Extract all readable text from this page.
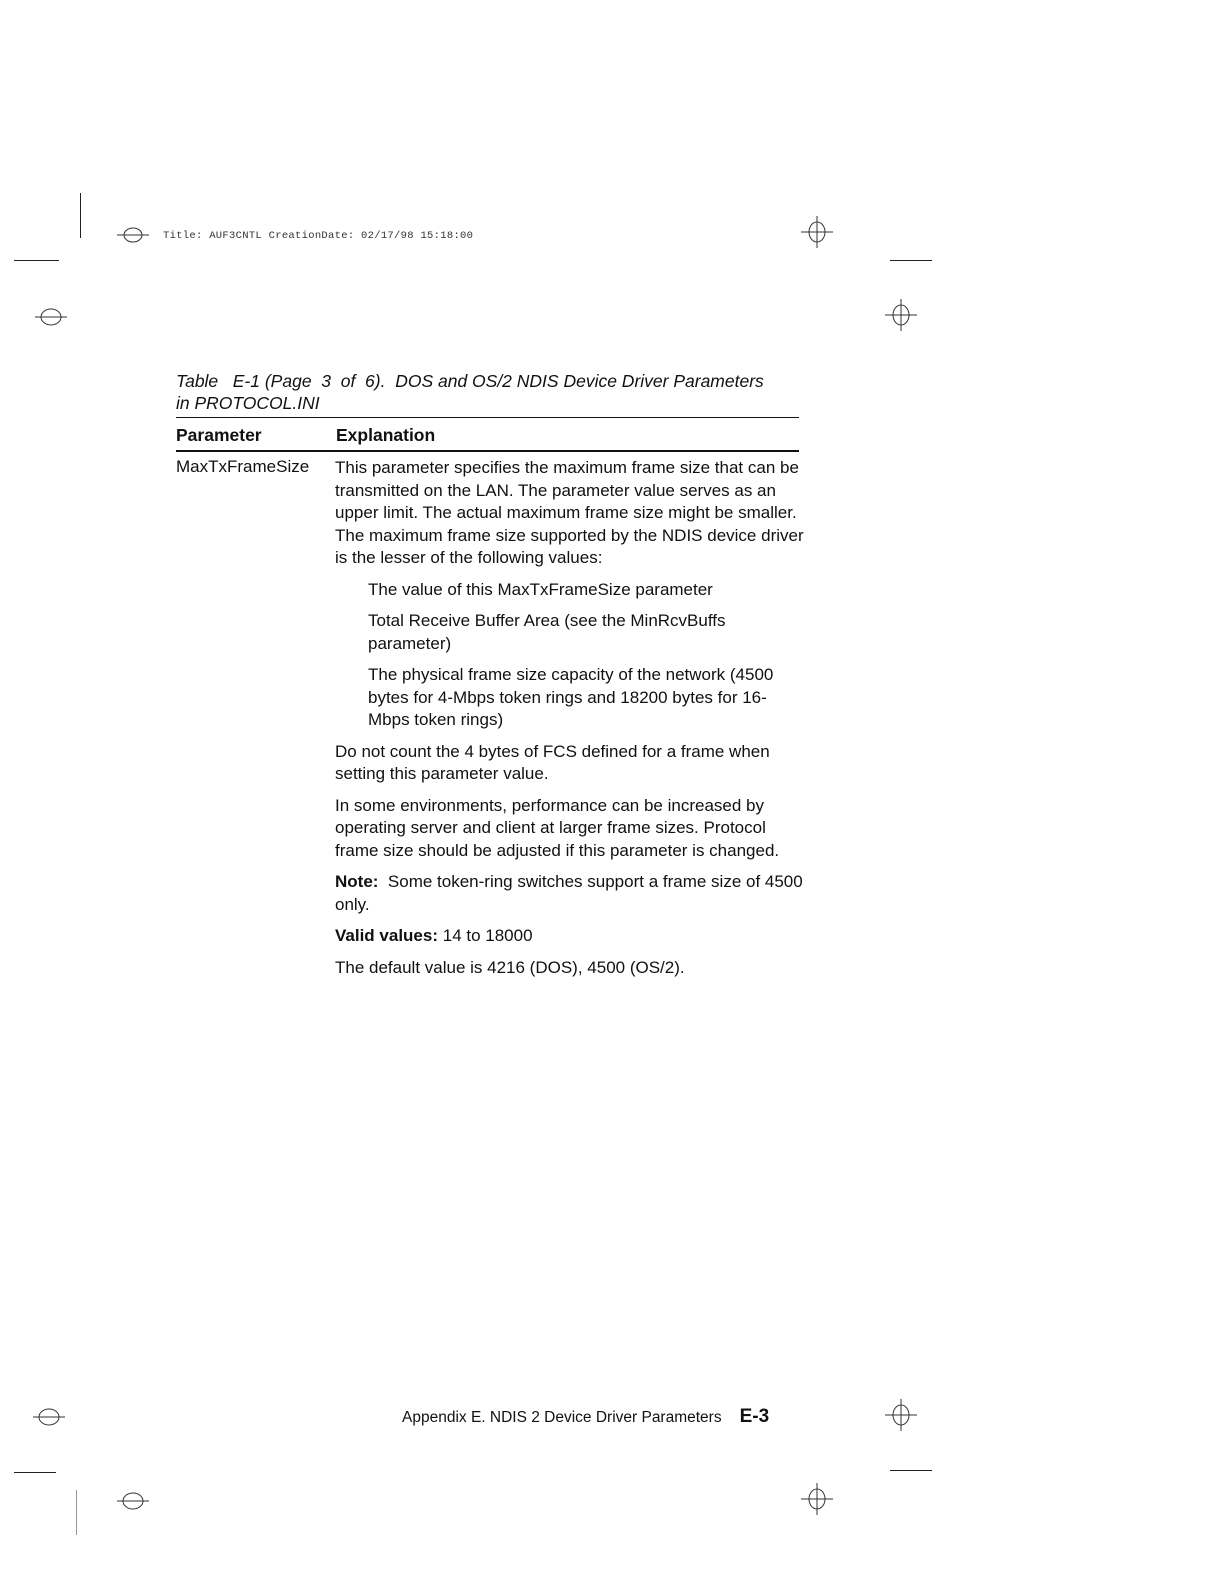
Title: AUF3CNTL CreationDate: 02/17/98 15:18:00
Table   E-1 (Page  3  of  6).  DOS and OS/2 NDIS Device Driver Parameters
in PROTOCOL.INI
Parameter	Explanation
MaxTxFrameSize This parameter specifies the maximum frame size that can be transmitted on the LAN. The parameter value serves as an upper limit. The actual maximum frame size might be smaller. The maximum frame size supported by the NDIS device driver is the lesser of the following values:

The value of this MaxTxFrameSize parameter
Total Receive Buffer Area (see the MinRcvBuffs parameter)
The physical frame size capacity of the network (4500 bytes for 4-Mbps token rings and 18200 bytes for 16-Mbps token rings)

Do not count the 4 bytes of FCS defined for a frame when setting this parameter value.

In some environments, performance can be increased by operating server and client at larger frame sizes. Protocol frame size should be adjusted if this parameter is changed.

Note: Some token-ring switches support a frame size of 4500 only.

Valid values: 14 to 18000

The default value is 4216 (DOS), 4500 (OS/2).

Appendix E. NDIS 2 Device Driver Parameters E-3
